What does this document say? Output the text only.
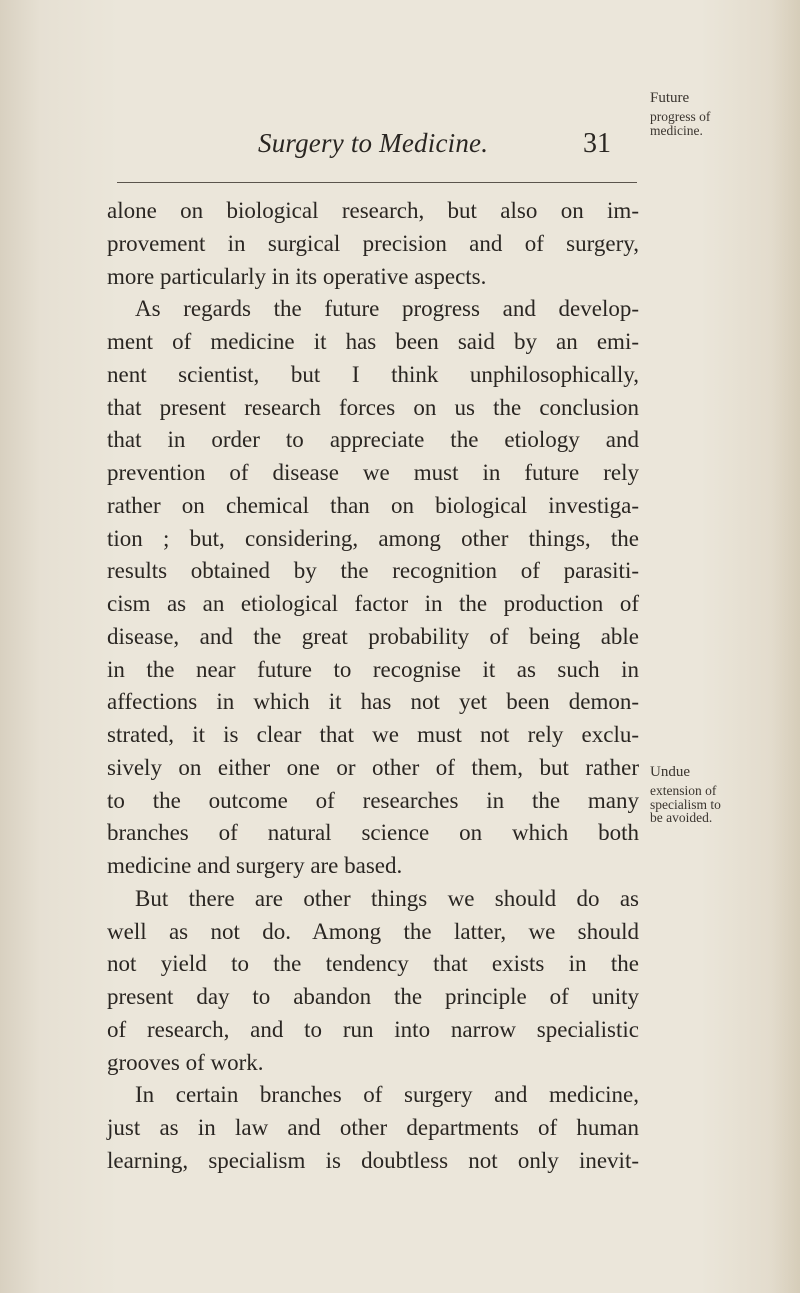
Surgery to Medicine.	31
alone on biological research, but also on im-
provement in surgical precision and of surgery,
more particularly in its operative aspects.
As regards the future progress and develop-
ment of medicine it has been said by an emi-
nent scientist, but I think unphilosophically,
that present research forces on us the conclusion
that in order to appreciate the etiology and
prevention of disease we must in future rely
rather on chemical than on biological investiga-
tion ; but, considering, among other things, the
results obtained by the recognition of parasiti-
cism as an etiological factor in the production of
disease, and the great probability of being able
in the near future to recognise it as such in
affections in which it has not yet been demon-
strated, it is clear that we must not rely exclu-
sively on either one or other of them, but rather
to the outcome of researches in the many
branches of natural science on which both
medicine and surgery are based.
But there are other things we should do as
well as not do. Among the latter, we should
not yield to the tendency that exists in the
present day to abandon the principle of unity
of research, and to run into narrow specialistic
grooves of work.
In certain branches of surgery and medicine,
just as in law and other departments of human
learning, specialism is doubtless not only inevit-
Future
progress of
medicine.
Undue
extension of
specialism to
be avoided.
